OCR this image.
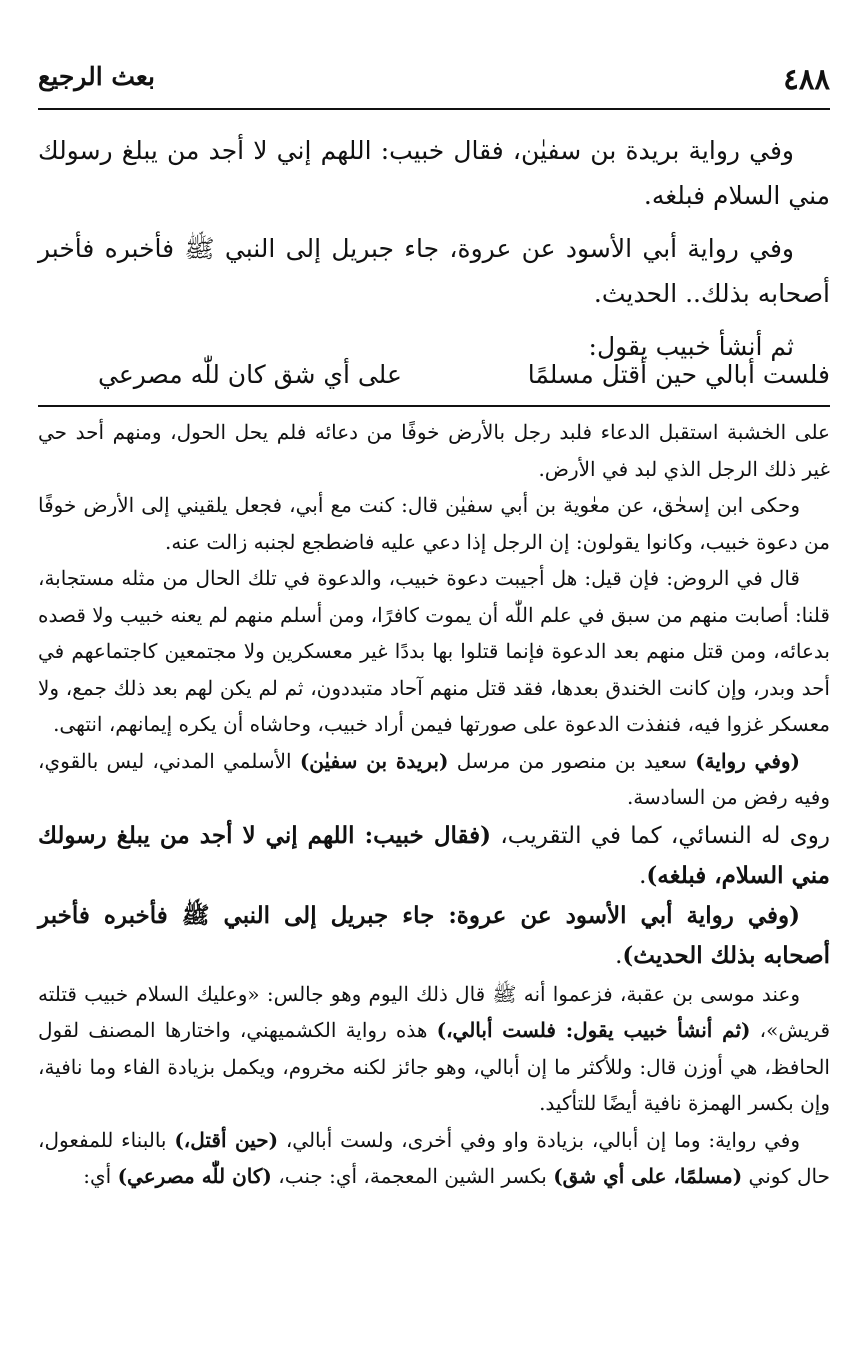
٤٨٨
بعث الرجيع

وفي رواية بريدة بن سفيٰن، فقال خبيب: اللهم إني لا أجد من يبلغ رسولك مني السلام فبلغه.

وفي رواية أبي الأسود عن عروة، جاء جبريل إلى النبي ﷺ فأخبره فأخبر أصحابه بذلك.. الحديث.

ثم أنشأ خبيب يقول:

فلست أبالي حين أقتل مسلمًا
على أي شق كان للّٰه مصرعي

على الخشبة استقبل الدعاء فلبد رجل بالأرض خوفًا من دعائه فلم يحل الحول، ومنهم أحد حي غير ذلك الرجل الذي لبد في الأرض.

وحكى ابن إسحٰق، عن معٰوية بن أبي سفيٰن قال: كنت مع أبي، فجعل يلقيني إلى الأرض خوفًا من دعوة خبيب، وكانوا يقولون: إن الرجل إذا دعي عليه فاضطجع لجنبه زالت عنه.

قال في الروض: فإن قيل: هل أجيبت دعوة خبيب، والدعوة في تلك الحال من مثله مستجابة، قلنا: أصابت منهم من سبق في علم اللّٰه أن يموت كافرًا، ومن أسلم منهم لم يعنه خبيب ولا قصده بدعائه، ومن قتل منهم بعد الدعوة فإنما قتلوا بها بددًا غير معسكرين ولا مجتمعين كاجتماعهم في أحد وبدر، وإن كانت الخندق بعدها، فقد قتل منهم آحاد متبددون، ثم لم يكن لهم بعد ذلك جمع، ولا معسكر غزوا فيه، فنفذت الدعوة على صورتها فيمن أراد خبيب، وحاشاه أن يكره إيمانهم، انتهى.

(وفي رواية) سعيد بن منصور من مرسل (بريدة بن سفيٰن) الأسلمي المدني، ليس بالقوي، وفيه رفض من السادسة.

روى له النسائي، كما في التقريب، (فقال خبيب: اللهم إني لا أجد من يبلغ رسولك مني السلام، فبلغه).

(وفي رواية أبي الأسود عن عروة: جاء جبريل إلى النبي ﷺ فأخبره فأخبر أصحابه بذلك الحديث).

وعند موسى بن عقبة، فزعموا أنه ﷺ قال ذلك اليوم وهو جالس: «وعليك السلام خبيب قتلته قريش»، (ثم أنشأ خبيب يقول: فلست أبالي،) هذه رواية الكشميهني، واختارها المصنف لقول الحافظ، هي أوزن قال: وللأكثر ما إن أبالي، وهو جائز لكنه مخروم، ويكمل بزيادة الفاء وما نافية، وإن بكسر الهمزة نافية أيضًا للتأكيد.

وفي رواية: وما إن أبالي، بزيادة واو وفي أخرى، ولست أبالي، (حين أقتل،) بالبناء للمفعول، حال كوني (مسلمًا، على أي شق) بكسر الشين المعجمة، أي: جنب، (كان للّٰه مصرعي) أي:
